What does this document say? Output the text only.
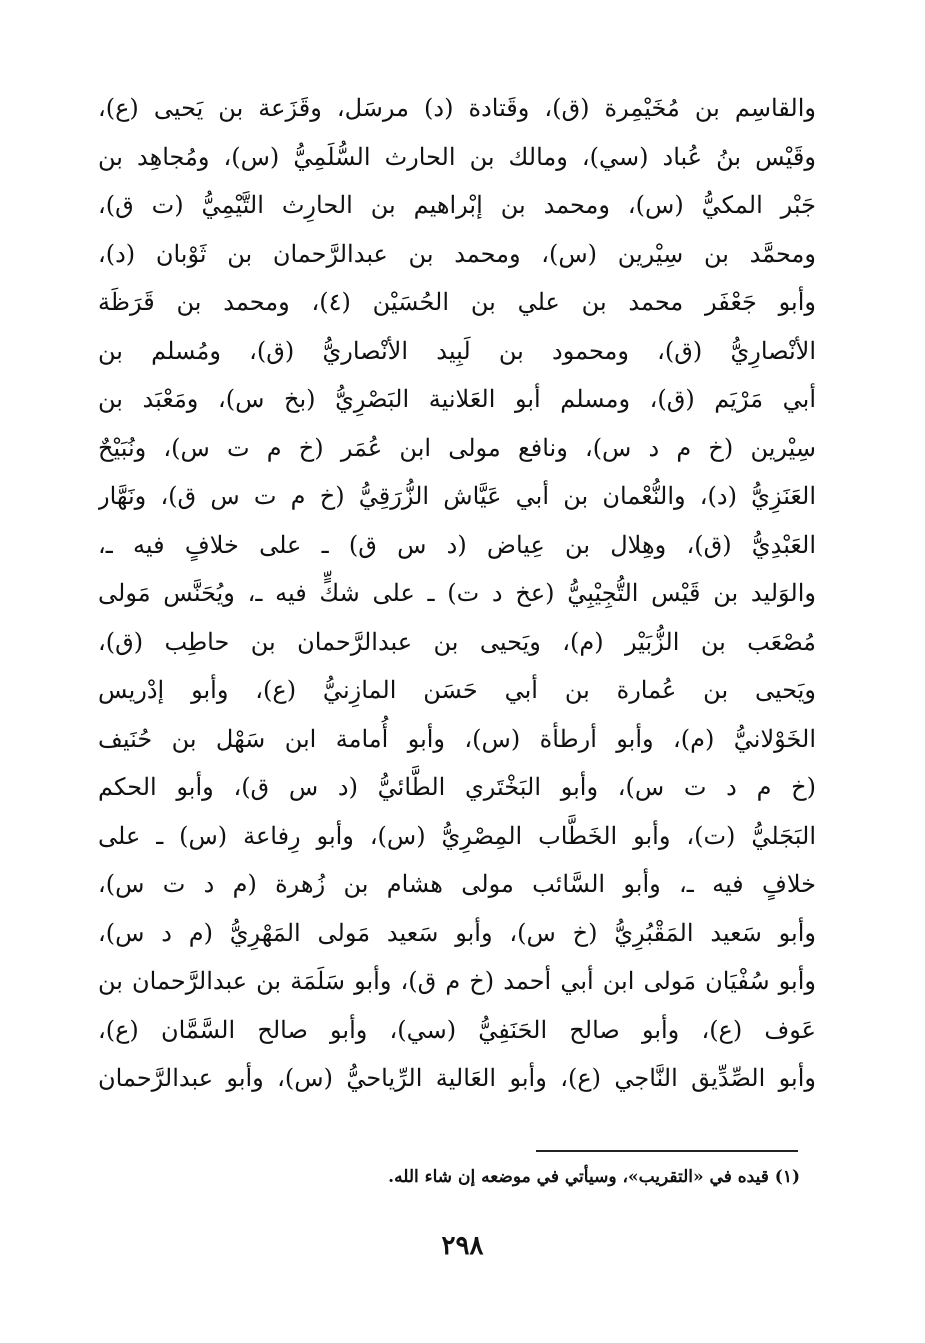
والقاسِم بن مُخَيْمِرة (ق)، وقَتادة (د) مرسَل، وقَزَعة بن يَحيى (ع)،
وقَيْس بنُ عُباد (سي)، ومالك بن الحارث السُّلَمِيُّ (س)، ومُجاهِد بن
جَبْر المكيُّ (س)، ومحمد بن إبْراهيم بن الحارِث التَّيْمِيُّ (ت ق)،
ومحمَّد بن سِيْرين (س)، ومحمد بن عبدالرَّحمان بن ثَوْبان (د)،
وأبو جَعْفَر محمد بن علي بن الحُسَيْن (٤)، ومحمد بن قَرَظَة
الأنْصارِيُّ (ق)، ومحمود بن لَبِيد الأنْصاريُّ (ق)، ومُسلم بن
أبي مَرْيَم (ق)، ومسلم أبو العَلانية البَصْرِيُّ (بخ س)، ومَعْبَد بن
سِيْرين (خ م د س)، ونافع مولى ابن عُمَر (خ م ت س)، ونُبَيْحٌ
العَنَزِيُّ (د)، والنُّعْمان بن أبي عَيَّاش الزُّرَقِيُّ (خ م ت س ق)، ونَهَّار
العَبْدِيُّ (ق)، وهِلال بن عِياض (د س ق) ـ على خلافٍ فيه ـ،
والوَليد بن قَيْس التُّجِيْبِيُّ (عخ د ت) ـ على شكٍّ فيه ـ، ويُحَنَّس مَولى
مُصْعَب بن الزُّبَيْر (م)، ويَحيى بن عبدالرَّحمان بن حاطِب (ق)،
ويَحيى بن عُمارة بن أبي حَسَن المازِنيُّ (ع)، وأبو إدْريس
الخَوْلانيُّ (م)، وأبو أرطأة (س)، وأبو أُمامة ابن سَهْل بن حُنَيف
(خ م د ت س)، وأبو البَخْتَري الطَّائيُّ (د س ق)، وأبو الحكم
البَجَليُّ (ت)، وأبو الخَطَّاب المِصْرِيُّ (س)، وأبو رِفاعة (س) ـ على
خلافٍ فيه ـ، وأبو السَّائب مولى هشام بن زُهرة (م د ت س)،
وأبو سَعيد المَقْبُرِيُّ (خ س)، وأبو سَعيد مَولى المَهْرِيُّ (م د س)،
وأبو سُفْيَان مَولى ابن أبي أحمد (خ م ق)، وأبو سَلَمَة بن عبدالرَّحمان بن
عَوف (ع)، وأبو صالح الحَنَفِيُّ (سي)، وأبو صالح السَّمَّان (ع)،
وأبو الصِّدِّيق النَّاجي (ع)، وأبو العَالية الرِّياحيُّ (س)، وأبو عبدالرَّحمان
(١) قيده في «التقريب»، وسيأتي في موضعه إن شاء الله.
٢٩٨
